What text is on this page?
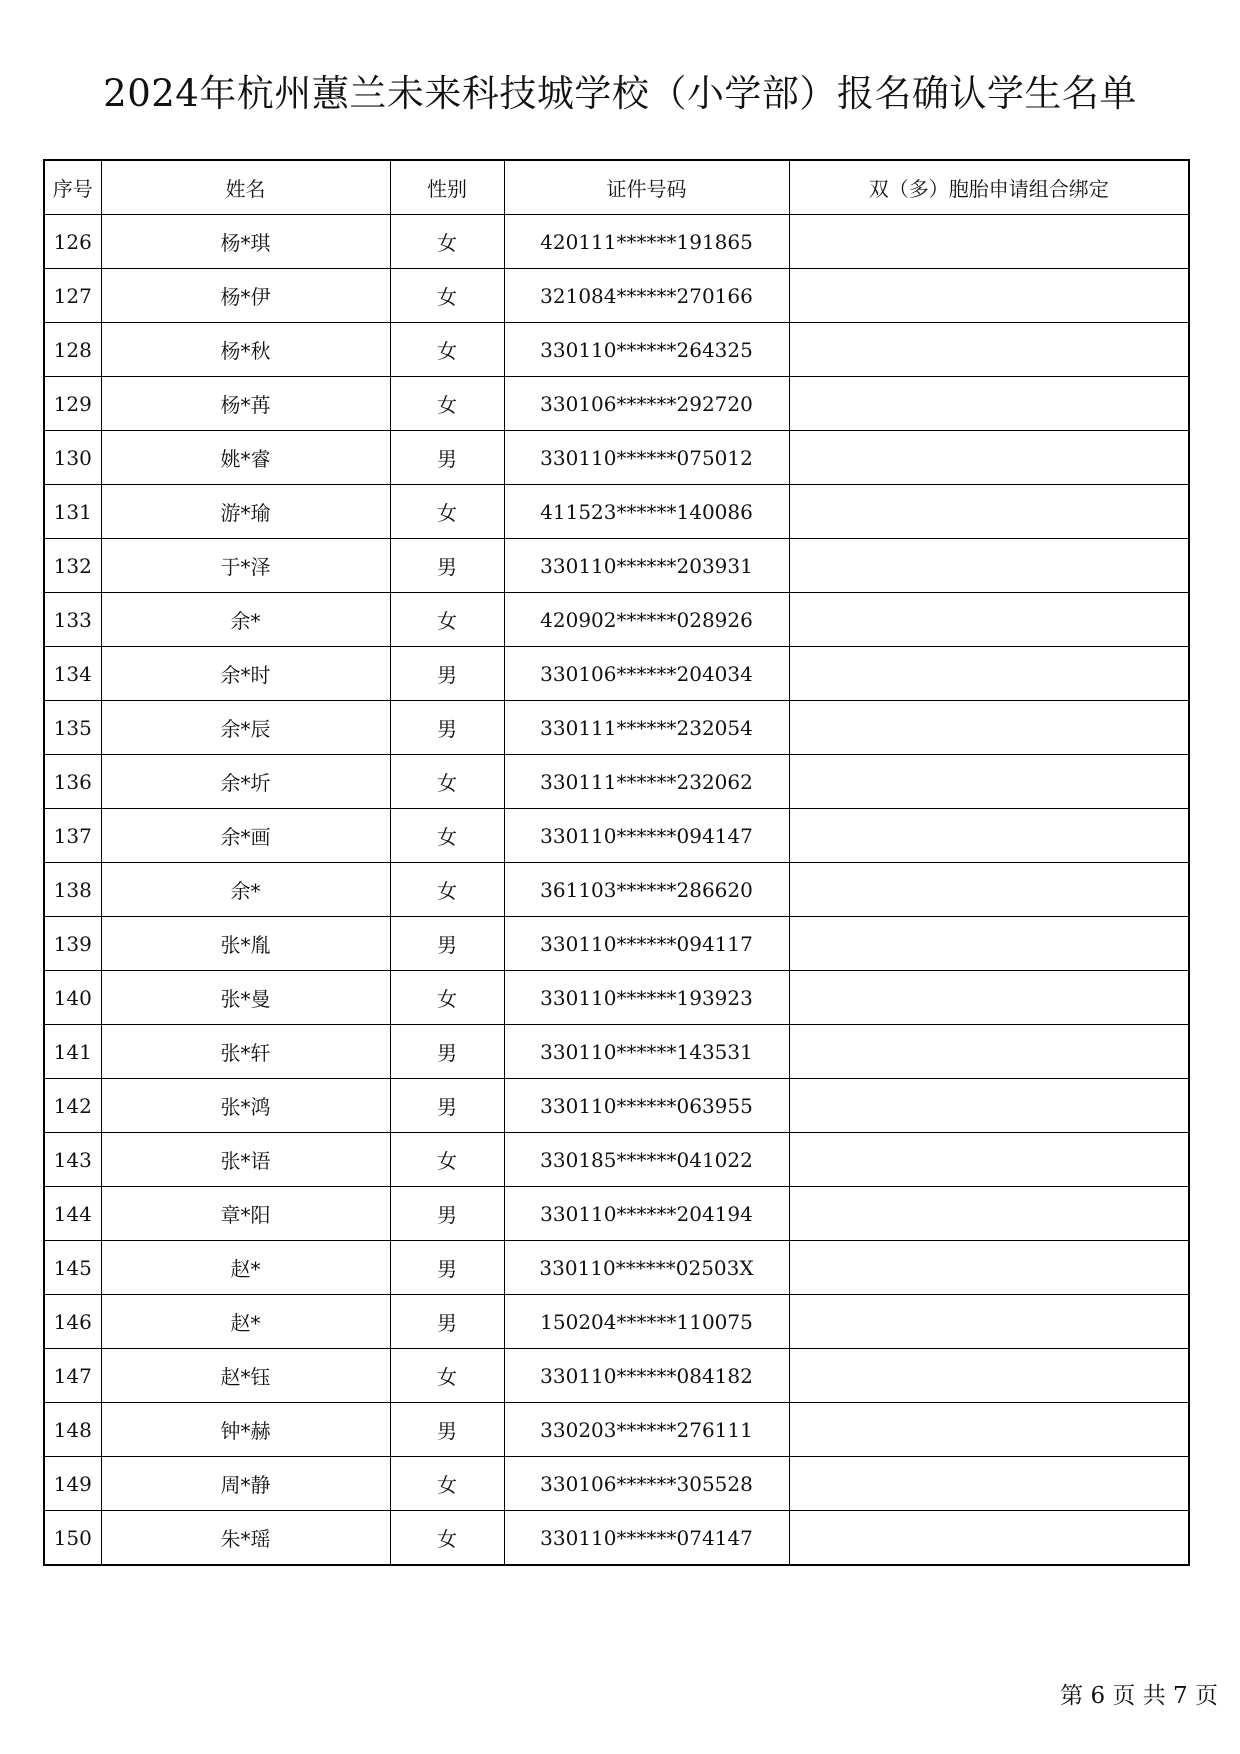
2024年杭州蕙兰未来科技城学校（小学部）报名确认学生名单
序号	姓名	性别	证件号码	双（多）胞胎申请组合绑定
126	杨*琪	女	420111******191865	
127	杨*伊	女	321084******270166	
128	杨*秋	女	330110******264325	
129	杨*苒	女	330106******292720	
130	姚*睿	男	330110******075012	
131	游*瑜	女	411523******140086	
132	于*泽	男	330110******203931	
133	余*	女	420902******028926	
134	余*时	男	330106******204034	
135	余*辰	男	330111******232054	
136	余*圻	女	330111******232062	
137	余*画	女	330110******094147	
138	余*	女	361103******286620	
139	张*胤	男	330110******094117	
140	张*曼	女	330110******193923	
141	张*轩	男	330110******143531	
142	张*鸿	男	330110******063955	
143	张*语	女	330185******041022	
144	章*阳	男	330110******204194	
145	赵*	男	330110******02503X	
146	赵*	男	150204******110075	
147	赵*钰	女	330110******084182	
148	钟*赫	男	330203******276111	
149	周*静	女	330106******305528	
150	朱*瑶	女	330110******074147	
第 6 页 共 7 页
